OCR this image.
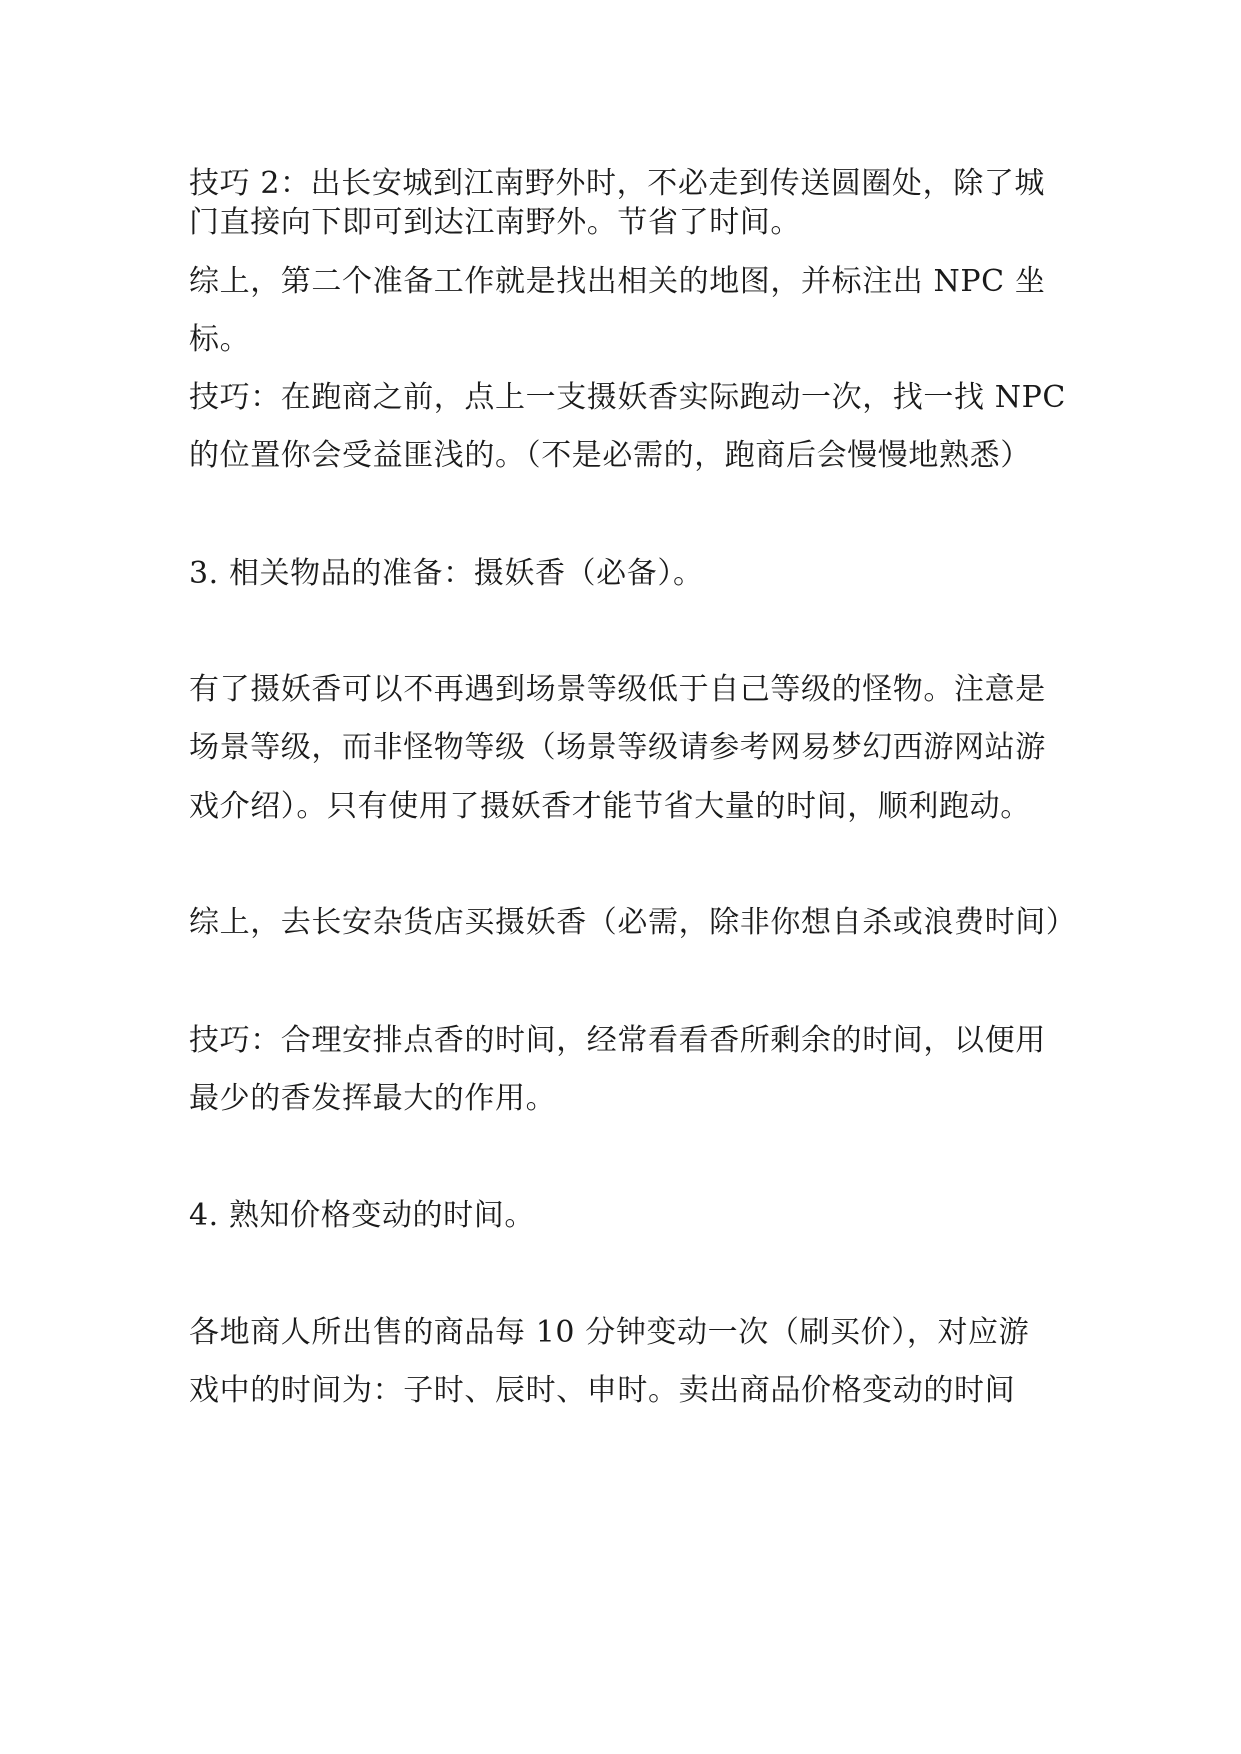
技巧 2：出长安城到江南野外时，不必走到传送圆圈处，除了城
门直接向下即可到达江南野外。节省了时间。
综上，第二个准备工作就是找出相关的地图，并标注出 NPC 坐
标。
技巧：在跑商之前，点上一支摄妖香实际跑动一次，找一找 NPC
的位置你会受益匪浅的。（不是必需的，跑商后会慢慢地熟悉）
3. 相关物品的准备：摄妖香（必备）。
有了摄妖香可以不再遇到场景等级低于自己等级的怪物。注意是
场景等级，而非怪物等级（场景等级请参考网易梦幻西游网站游
戏介绍）。只有使用了摄妖香才能节省大量的时间，顺利跑动。
综上，去长安杂货店买摄妖香（必需，除非你想自杀或浪费时间）
技巧：合理安排点香的时间，经常看看香所剩余的时间，以便用
最少的香发挥最大的作用。
4. 熟知价格变动的时间。
各地商人所出售的商品每 10 分钟变动一次（刷买价），对应游
戏中的时间为：子时、辰时、申时。卖出商品价格变动的时间
